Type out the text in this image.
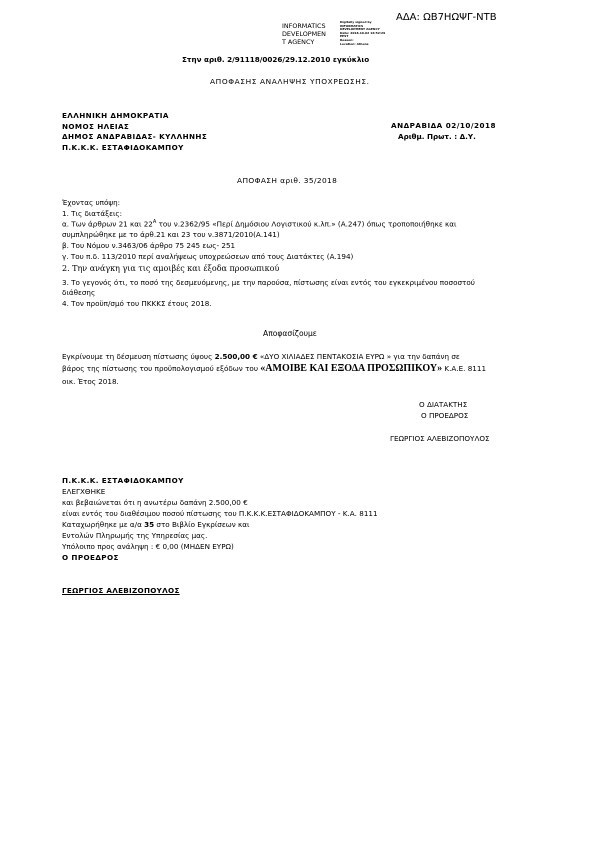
ΑΔΑ: ΩΒ7ΗΩΨΓ-ΝΤΒ
INFORMATICS
DEVELOPMEN
T AGENCY
Digitally signed by
INFORMATICS
DEVELOPMENT AGENCY
Date: 2018.10.02 16:52:29
EEST
Reason:
Location: Athens
Στην αριθ. 2/91118/0026/29.12.2010 εγκύκλιο
ΑΠΟΦΑΣΗΣ ΑΝΑΛΗΨΗΣ ΥΠΟΧΡΕΩΣΗΣ.
ΕΛΛΗΝΙΚΗ ΔΗΜΟΚΡΑΤΙΑ
ΝΟΜΟΣ ΗΛΕΙΑΣ
ΔΗΜΟΣ ΑΝΔΡΑΒΙΔΑΣ- ΚΥΛΛΗΝΗΣ
Π.Κ.Κ.Κ. ΕΣΤΑΦΙΔΟΚΑΜΠΟΥ
ΑΝΔΡΑΒΙΔΑ 02/10/2018
Αριθμ. Πρωτ. : Δ.Υ.
ΑΠΟΦΑΣΗ αριθ. 35/2018
Έχοντας υπόψη:
1. Τις διατάξεις:
α. Των άρθρων 21 και $22^A$ του ν.2362/95 «Περί Δημόσιου Λογιστικού κ.λπ.» (Α.247) όπως τροποποιήθηκε και
συμπληρώθηκε με το άρθ.21 και 23 του ν.3871/2010(Α.141)
β. Του Νόμου ν.3463/06 άρθρο 75 245 εως- 251
γ. Του π.δ. 113/2010 περί αναλήψεως υποχρεώσεων από τους Διατάκτες (Α.194)
2. Την ανάγκη για τις αμοιβές και έξοδα προσωπικού
3. Το γεγονός ότι, το ποσό της δεσμευόμενης, με την παρούσα, πίστωσης είναι εντός του εγκεκριμένου ποσοστού
διάθεσης
4. Τον προϋπ/σμό του ΠΚΚΚΣ έτους 2018.
Αποφασίζουμε
Εγκρίνουμε τη δέσμευση πίστωσης ύψους 2.500,00 € «ΔΥΟ ΧΙΛΙΑΔΕΣ ΠΕΝΤΑΚΟΣΙΑ ΕΥΡΩ » για την δαπάνη σε
βάρος της πίστωσης του προϋπολογισμού εξόδων του «ΑΜΟΙΒΕ ΚΑΙ ΕΞΟΔΑ ΠΡΟΣΩΠΙΚΟΥ» Κ.Α.Ε. 8111
οικ. Έτος 2018.
Ο ΔΙΑΤΑΚΤΗΣ
Ο ΠΡΟΕΔΡΟΣ
ΓΕΩΡΓΙΟΣ ΑΛΕΒΙΖΟΠΟΥΛΟΣ
Π.Κ.Κ.Κ. ΕΣΤΑΦΙΔΟΚΑΜΠΟΥ
ΕΛΕΓΧΘΗΚΕ
και βεβαιώνεται ότι η ανωτέρω δαπάνη 2.500,00 €
είναι εντός του διαθέσιμου ποσού πίστωσης του Π.Κ.Κ.Κ.ΕΣΤΑΦΙΔΟΚΑΜΠΟΥ - Κ.Α. 8111
Καταχωρήθηκε με α/α 35 στο Βιβλίο Εγκρίσεων και
Εντολών Πληρωμής της Υπηρεσίας μας.
Υπόλοιπο προς ανάληψη : € 0,00 (ΜΗΔΕΝ ΕΥΡΩ)
Ο ΠΡΟΕΔΡΟΣ
ΓΕΩΡΓΙΟΣ ΑΛΕΒΙΖΟΠΟΥΛΟΣ
